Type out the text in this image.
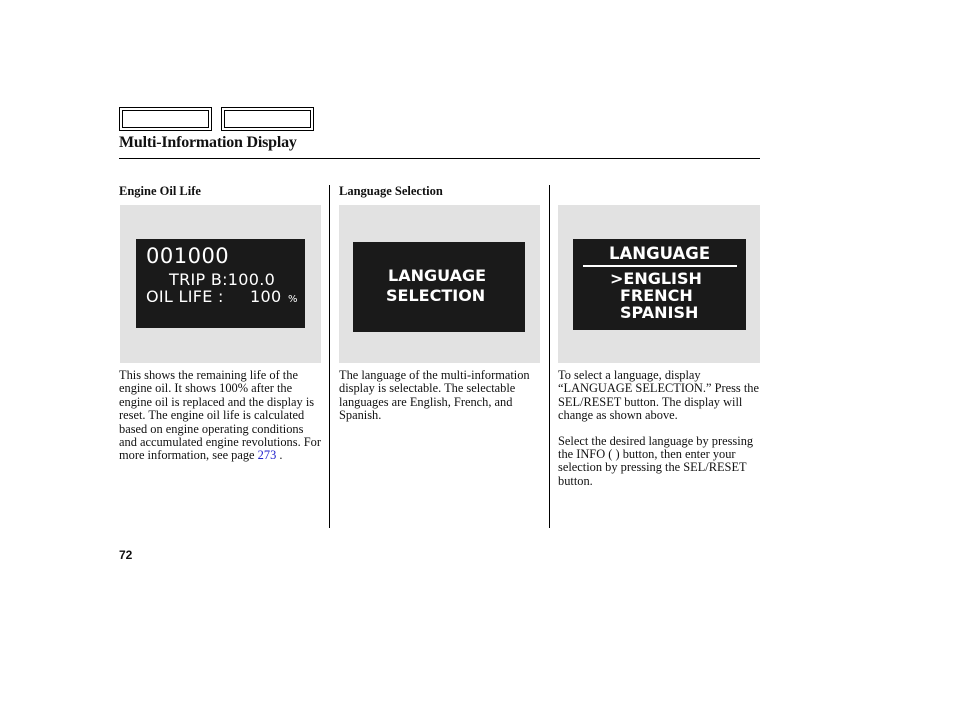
Multi-Information Display
Engine Oil Life
001000
TRIP B:100.0
OIL LIFE : 100 %

This shows the remaining life of the engine oil. It shows 100% after the engine oil is replaced and the display is reset. The engine oil life is calculated based on engine operating conditions and accumulated engine revolutions. For more information, see page 273 .

Language Selection
LANGUAGE
SELECTION

The language of the multi-information display is selectable. The selectable languages are English, French, and Spanish.

LANGUAGE
>ENGLISH
FRENCH
SPANISH

To select a language, display “LANGUAGE SELECTION.” Press the SEL/RESET button. The display will change as shown above.

Select the desired language by pressing the INFO ( ) button, then enter your selection by pressing the SEL/RESET button.

72
